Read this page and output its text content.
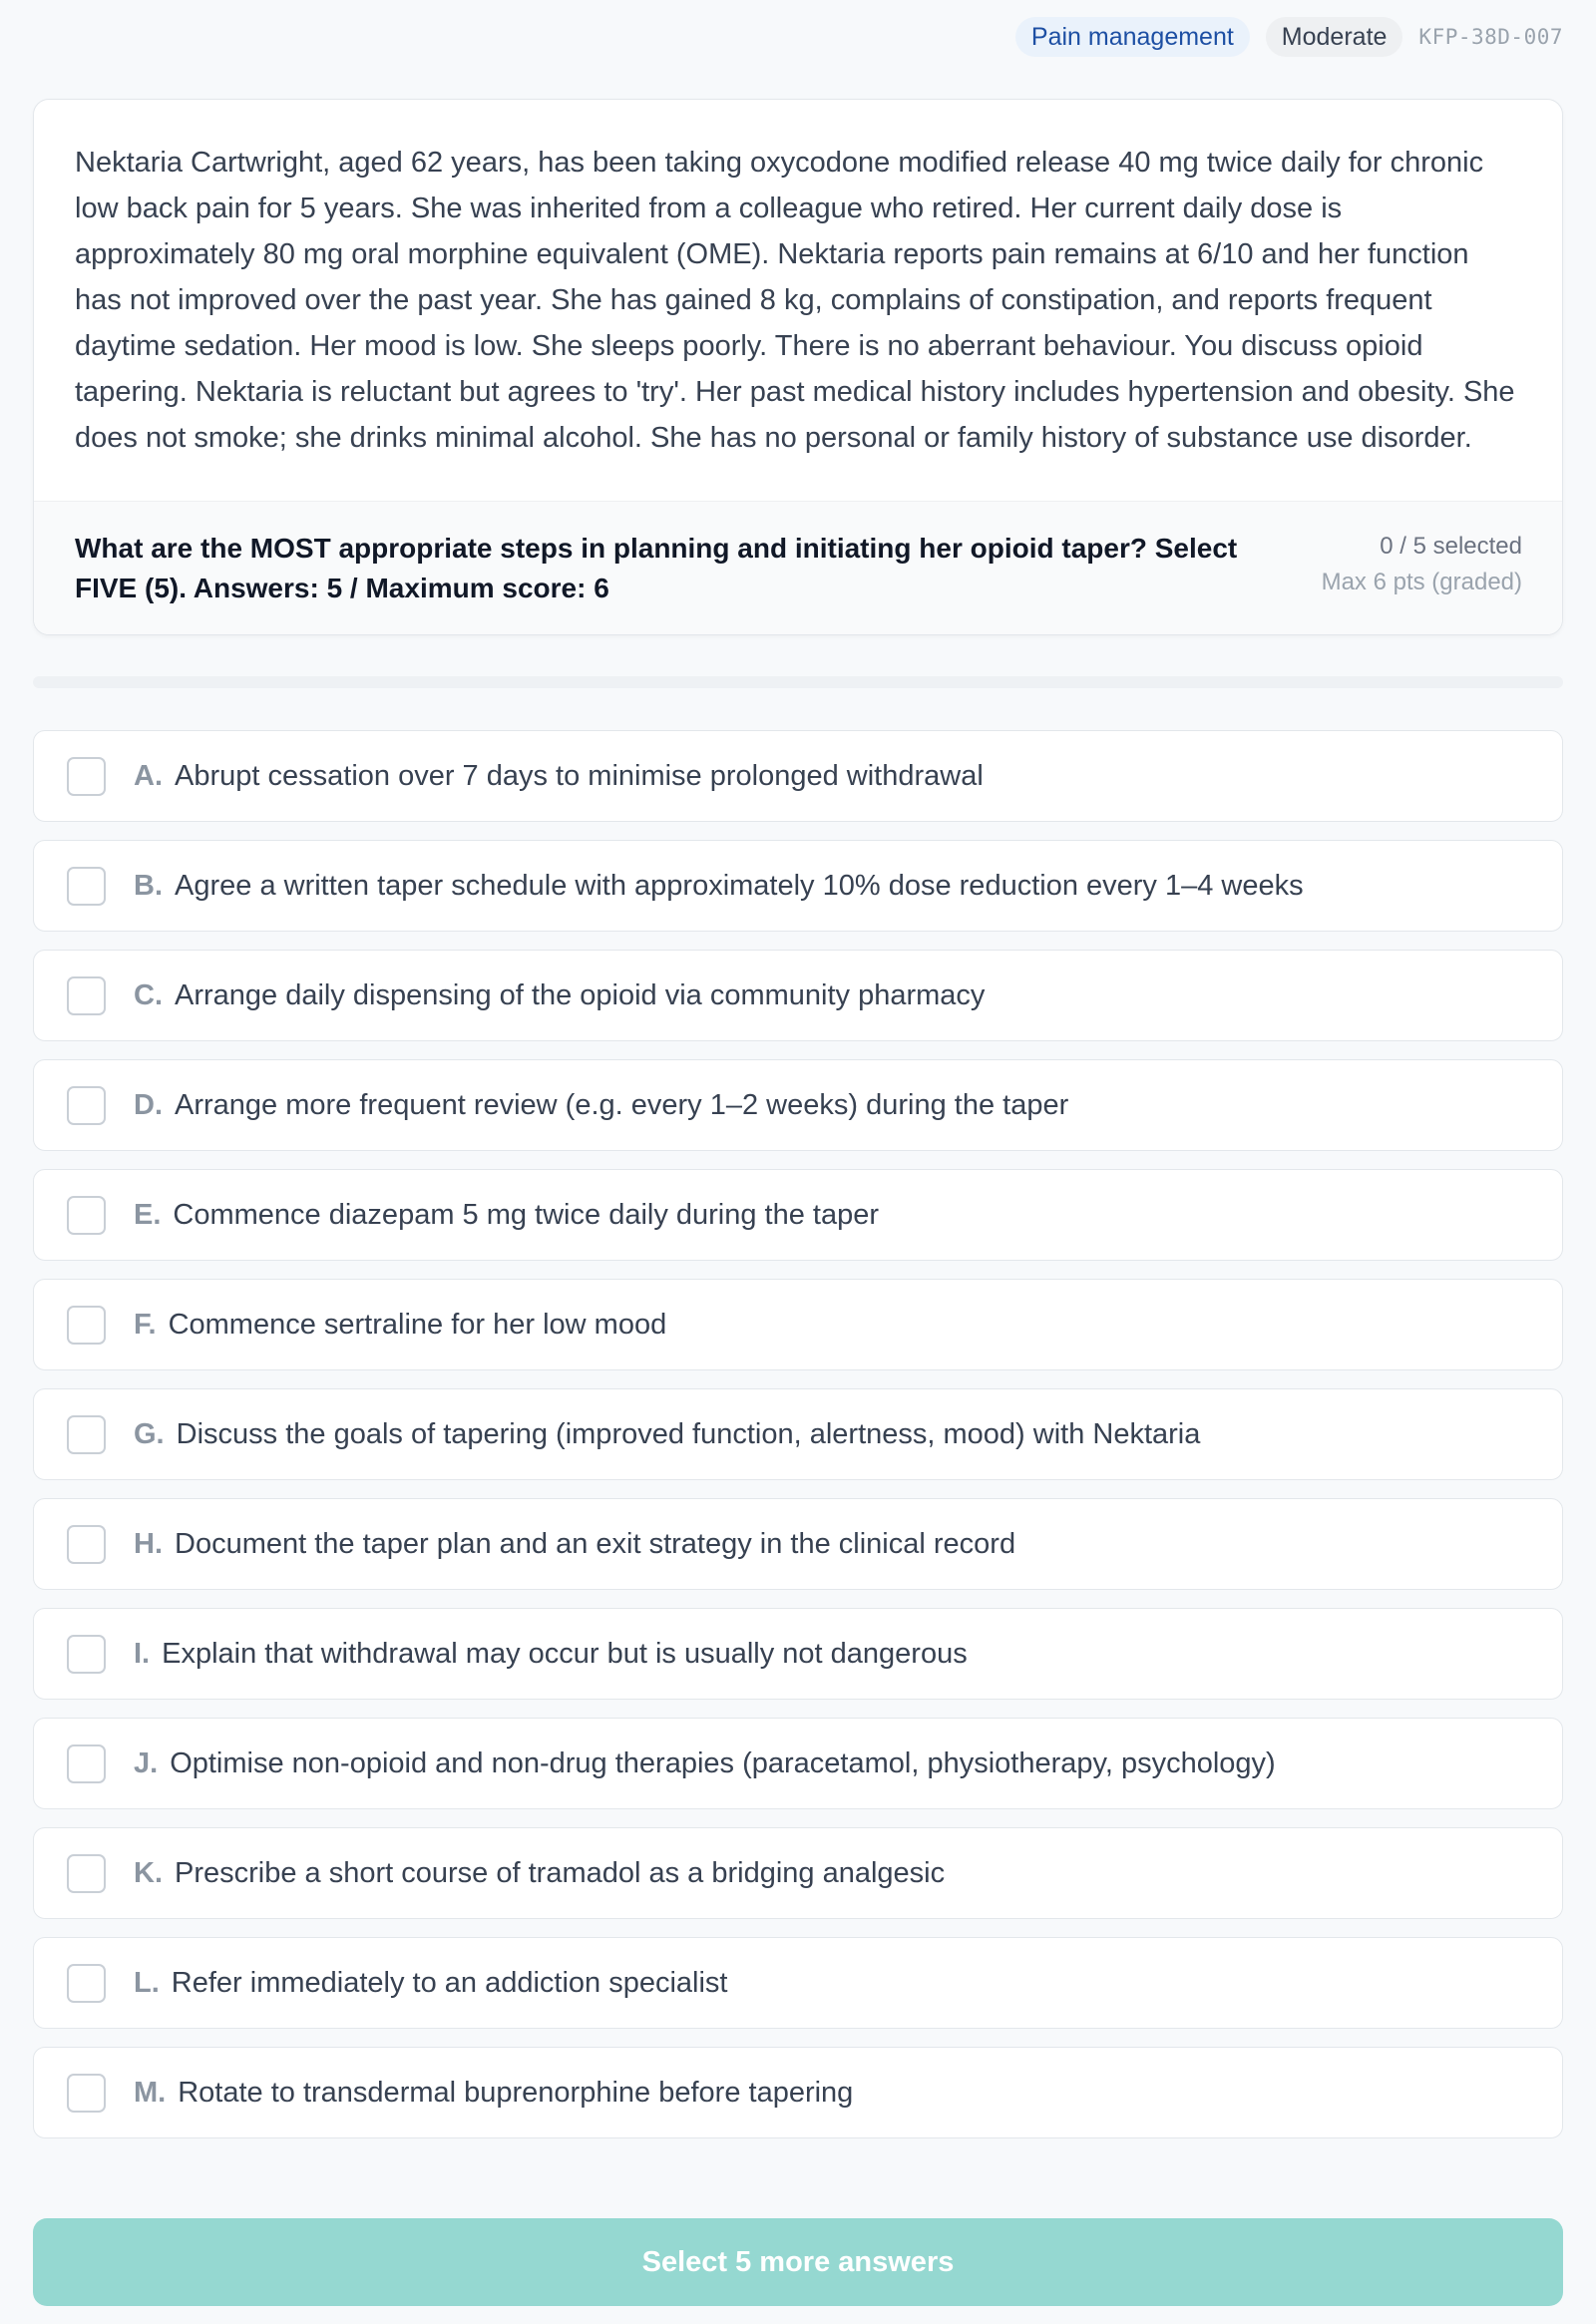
Pain management	Moderate	KFP-38D-007
Nektaria Cartwright, aged 62 years, has been taking oxycodone modified release 40 mg twice daily for chronic low back pain for 5 years. She was inherited from a colleague who retired. Her current daily dose is approximately 80 mg oral morphine equivalent (OME). Nektaria reports pain remains at 6/10 and her function has not improved over the past year. She has gained 8 kg, complains of constipation, and reports frequent daytime sedation. Her mood is low. She sleeps poorly. There is no aberrant behaviour. You discuss opioid tapering. Nektaria is reluctant but agrees to 'try'. Her past medical history includes hypertension and obesity. She does not smoke; she drinks minimal alcohol. She has no personal or family history of substance use disorder.
What are the MOST appropriate steps in planning and initiating her opioid taper? Select FIVE (5). Answers: 5 / Maximum score: 6
0 / 5 selected
Max 6 pts (graded)
A. Abrupt cessation over 7 days to minimise prolonged withdrawal
B. Agree a written taper schedule with approximately 10% dose reduction every 1–4 weeks
C. Arrange daily dispensing of the opioid via community pharmacy
D. Arrange more frequent review (e.g. every 1–2 weeks) during the taper
E. Commence diazepam 5 mg twice daily during the taper
F. Commence sertraline for her low mood
G. Discuss the goals of tapering (improved function, alertness, mood) with Nektaria
H. Document the taper plan and an exit strategy in the clinical record
I. Explain that withdrawal may occur but is usually not dangerous
J. Optimise non-opioid and non-drug therapies (paracetamol, physiotherapy, psychology)
K. Prescribe a short course of tramadol as a bridging analgesic
L. Refer immediately to an addiction specialist
M. Rotate to transdermal buprenorphine before tapering
Select 5 more answers
